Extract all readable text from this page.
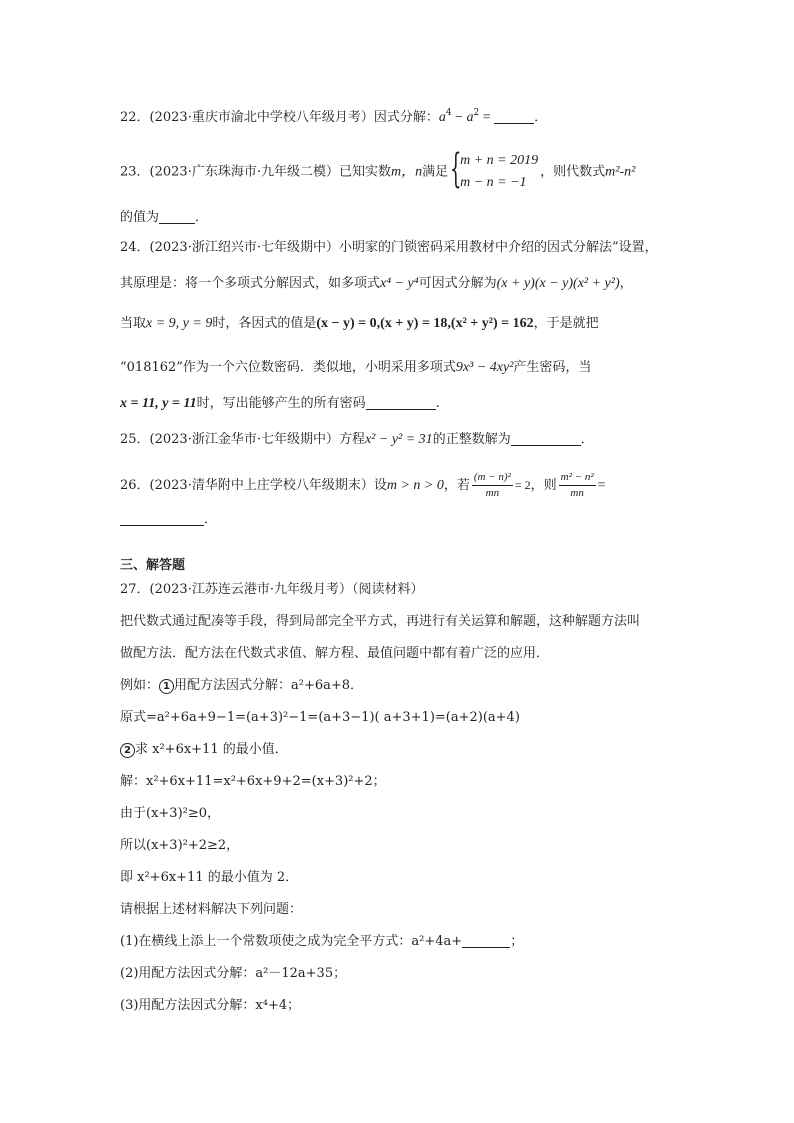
22．(2023·重庆市渝北中学校八年级月考）因式分解：$a^4 - a^2$ =	．
23．(2023·广东珠海市·九年级二模）已知实数m，n满足 {
m + n = 2019
m − n = −1
，则代数式m²-n²
的值为	．
24．(2023·浙江绍兴市·七年级期中）小明家的门锁密码采用教材中介绍的因式分解法”设置，
其原理是：将一个多项式分解因式，如多项式x⁴ − y⁴可因式分解为(x + y)(x − y)(x² + y²)，
当取x = 9, y = 9时，各因式的值是(x − y) = 0,(x + y) = 18,(x² + y²) = 162，于是就把
“018162”作为一个六位数密码．类似地，小明采用多项式9x³ − 4xy²产生密码，当
x = 11, y = 11时，写出能够产生的所有密码	.
25．(2023·浙江金华市·七年级期中）方程x² − y² = 31的正整数解为	．
26．(2023·清华附中上庄学校八年级期末）设m > n > 0，若 $\frac{\text{(m − n)²}}{mn} = 2$，则 $\frac{\text{m² − n²}}{mn}$ =
．
三、解答题
27．(2023·江苏连云港市·九年级月考）（阅读材料）
把代数式通过配凑等手段，得到局部完全平方式，再进行有关运算和解题，这种解题方法叫
做配方法．配方法在代数式求值、解方程、最值问题中都有着广泛的应用．
例如： 1 用配方法因式分解：a²+6a+8．
原式=a²+6a+9−1=(a+3)²−1=(a+3−1)( a+3+1)=(a+2)(a+4)
2 求 x²+6x+11 的最小值．
解：x²+6x+11=x²+6x+9+2=(x+3)²+2；
由于(x+3)²≥0，
所以(x+3)²+2≥2，
即 x²+6x+11 的最小值为 2．
请根据上述材料解决下列问题：
(1)在横线上添上一个常数项使之成为完全平方式：a²+4a+	；
(2)用配方法因式分解：a²－12a+35；
(3)用配方法因式分解：x⁴+4；
